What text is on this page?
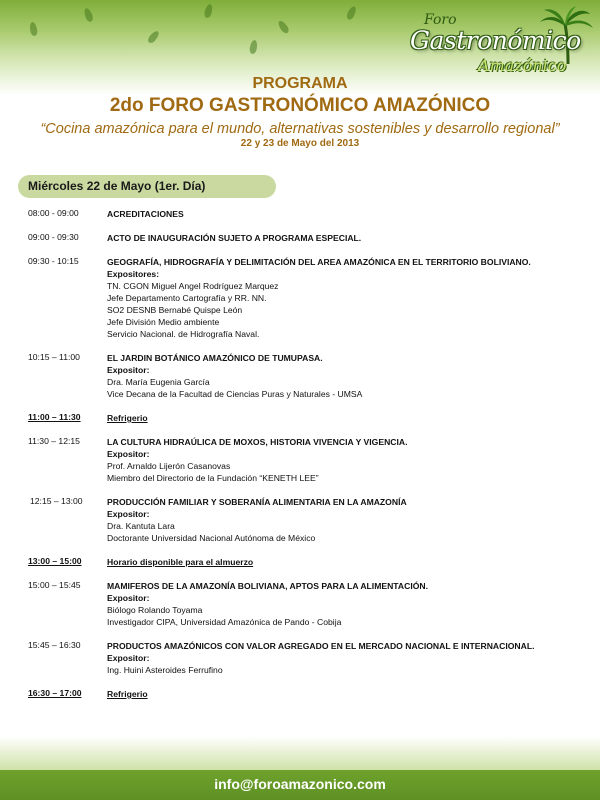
Foro
Gastronómico
Amazónico
PROGRAMA
2do FORO GASTRONÓMICO AMAZÓNICO
“Cocina amazónica para el mundo, alternativas sostenibles y desarrollo regional”
22 y 23 de Mayo del 2013
Miércoles 22 de Mayo (1er. Día)
08:00 - 09:00	ACREDITACIONES
09:00 - 09:30	ACTO DE INAUGURACIÓN SUJETO A PROGRAMA ESPECIAL.
09:30 - 10:15	GEOGRAFÍA, HIDROGRAFÍA Y DELIMITACIÓN DEL AREA AMAZÓNICA EN EL TERRITORIO BOLIVIANO.
Expositores:
TN. CGON Miguel Angel Rodríguez Marquez
Jefe Departamento Cartografía y RR. NN.
SO2 DESNB Bernabé Quispe León
Jefe División Medio ambiente
Servicio Nacional. de Hidrografía Naval.
10:15 – 11:00	EL JARDIN BOTÁNICO AMAZÓNICO DE TUMUPASA.
Expositor:
Dra. María Eugenia García
Vice Decana de la Facultad de Ciencias Puras y Naturales - UMSA
11:00 – 11:30	Refrigerio
11:30 – 12:15	LA CULTURA HIDRAÚLICA DE MOXOS, HISTORIA VIVENCIA Y VIGENCIA.
Expositor:
Prof. Arnaldo Lijerón Casanovas
Miembro del Directorio de la Fundación “KENETH LEE”
12:15 – 13:00	PRODUCCIÓN FAMILIAR Y SOBERANÍA ALIMENTARIA EN LA AMAZONÍA
Expositor:
Dra. Kantuta Lara
Doctorante Universidad Nacional Autónoma de México
13:00 – 15:00	Horario disponible para el almuerzo
15:00 – 15:45	MAMIFEROS DE LA AMAZONÍA BOLIVIANA, APTOS PARA LA ALIMENTACIÓN.
Expositor:
Biólogo Rolando Toyama
Investigador CIPA, Universidad Amazónica de Pando - Cobija
15:45 – 16:30	PRODUCTOS AMAZÓNICOS CON VALOR AGREGADO EN EL MERCADO NACIONAL E INTERNACIONAL.
Expositor:
Ing. Huini Asteroides Ferrufino
16:30 – 17:00	Refrigerio
info@foroamazonico.com
